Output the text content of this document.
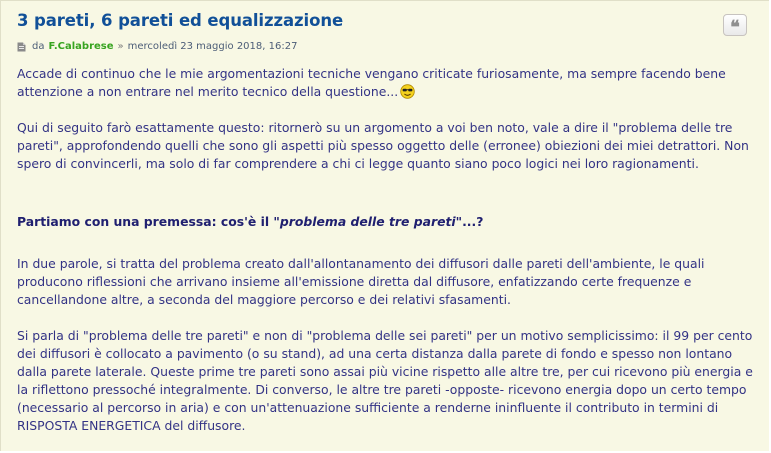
3 pareti, 6 pareti ed equalizzazione	❝
da F.Calabrese » mercoledì 23 maggio 2018, 16:27

Accade di continuo che le mie argomentazioni tecniche vengano criticate furiosamente, ma sempre facendo bene attenzione a non entrare nel merito tecnico della questione...

Qui di seguito farò esattamente questo: ritornerò su un argomento a voi ben noto, vale a dire il "problema delle tre pareti", approfondendo quelli che sono gli aspetti più spesso oggetto delle (erronee) obiezioni dei miei detrattori. Non spero di convincerli, ma solo di far comprendere a chi ci legge quanto siano poco logici nei loro ragionamenti.

Partiamo con una premessa: cos'è il "problema delle tre pareti"...?

In due parole, si tratta del problema creato dall'allontanamento dei diffusori dalle pareti dell'ambiente, le quali producono riflessioni che arrivano insieme all'emissione diretta dal diffusore, enfatizzando certe frequenze e cancellandone altre, a seconda del maggiore percorso e dei relativi sfasamenti.

Si parla di "problema delle tre pareti" e non di "problema delle sei pareti" per un motivo semplicissimo: il 99 per cento dei diffusori è collocato a pavimento (o su stand), ad una certa distanza dalla parete di fondo e spesso non lontano dalla parete laterale. Queste prime tre pareti sono assai più vicine rispetto alle altre tre, per cui ricevono più energia e la riflettono pressoché integralmente. Di converso, le altre tre pareti -opposte- ricevono energia dopo un certo tempo (necessario al percorso in aria) e con un'attenuazione sufficiente a renderne ininfluente il contributo in termini di RISPOSTA ENERGETICA del diffusore.
